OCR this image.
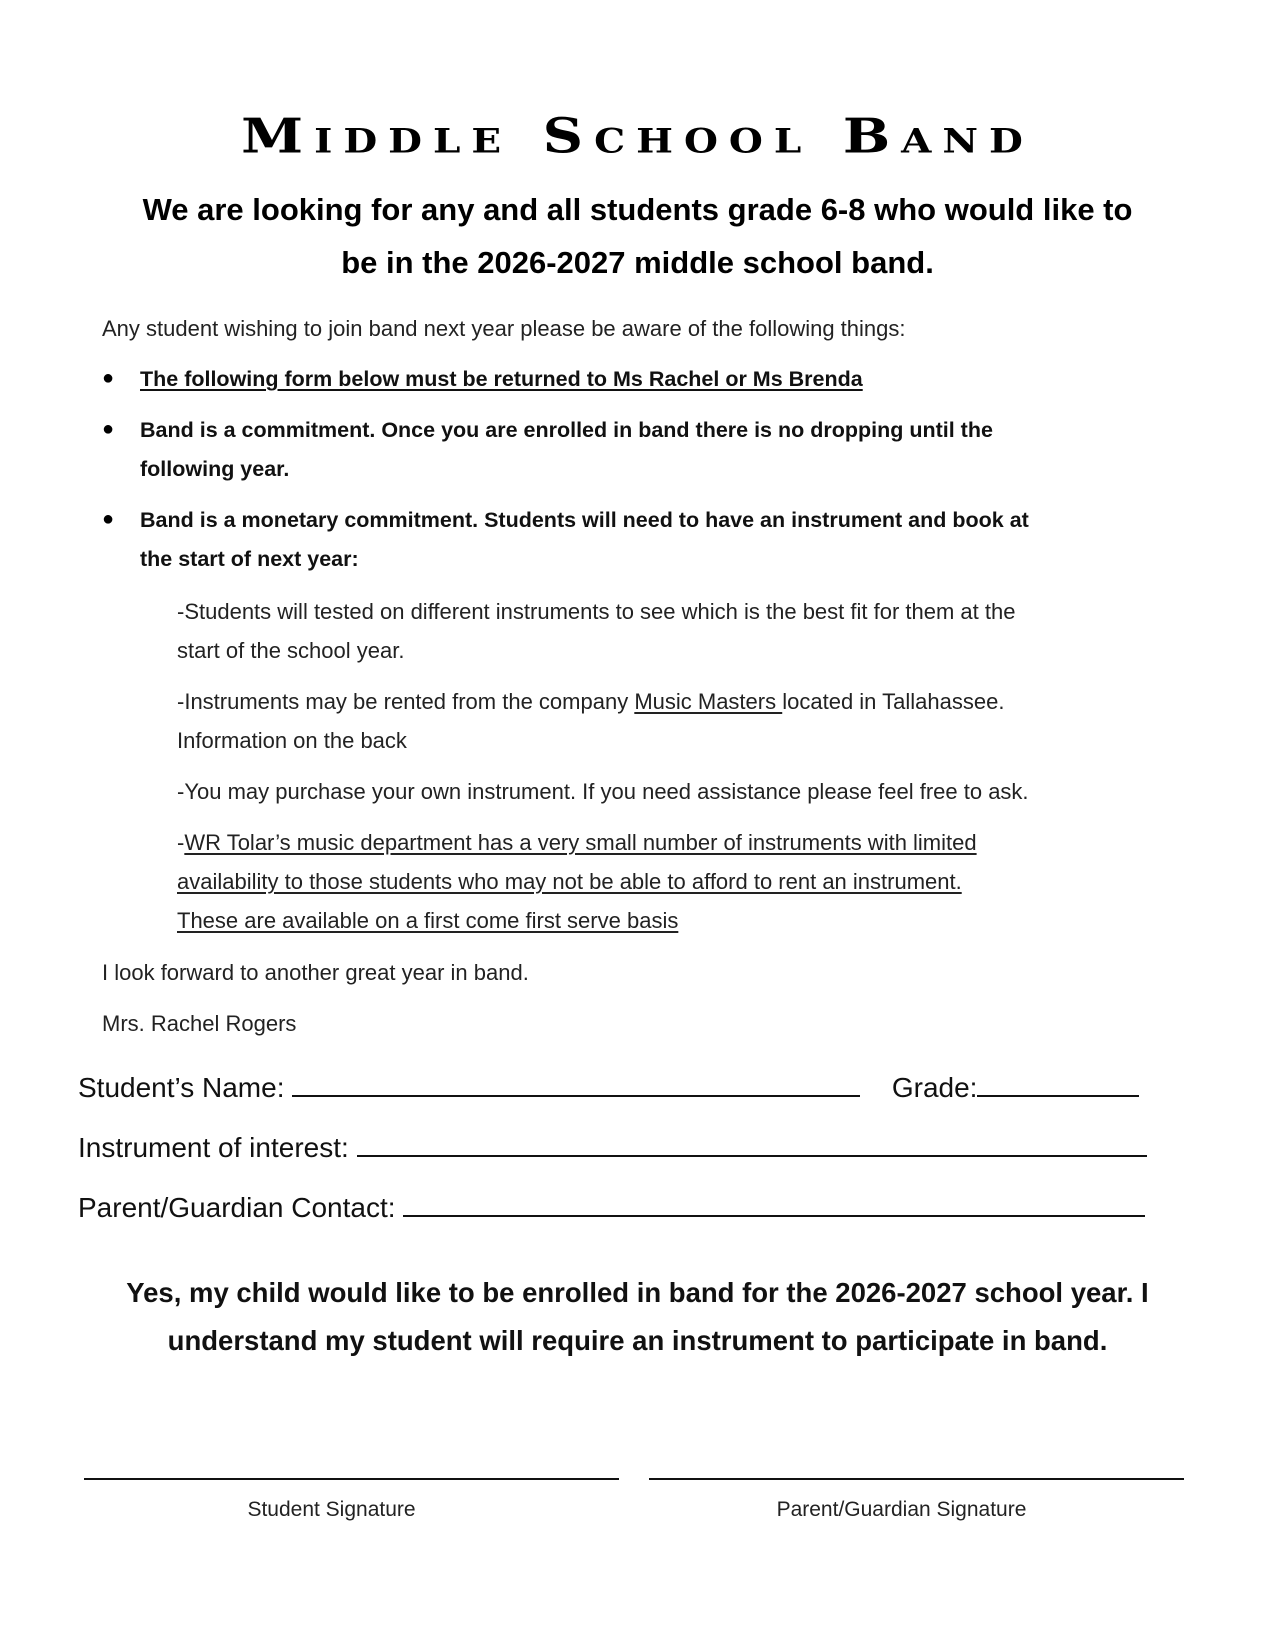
Middle School Band
We are looking for any and all students grade 6-8 who would like to
be in the 2026-2027 middle school band.
Any student wishing to join band next year please be aware of the following things:
● The following form below must be returned to Ms Rachel or Ms Brenda
● Band is a commitment. Once you are enrolled in band there is no dropping until the
following year.
● Band is a monetary commitment. Students will need to have an instrument and book at
the start of next year:
-Students will tested on different instruments to see which is the best fit for them at the
start of the school year.
-Instruments may be rented from the company Music Masters located in Tallahassee.
Information on the back
-You may purchase your own instrument. If you need assistance please feel free to ask.
-WR Tolar’s music department has a very small number of instruments with limited
availability to those students who may not be able to afford to rent an instrument.
These are available on a first come first serve basis
I look forward to another great year in band.
Mrs. Rachel Rogers
Student’s Name:	Grade:
Instrument of interest:
Parent/Guardian Contact:
Yes, my child would like to be enrolled in band for the 2026-2027 school year. I
understand my student will require an instrument to participate in band.
Student Signature	Parent/Guardian Signature
